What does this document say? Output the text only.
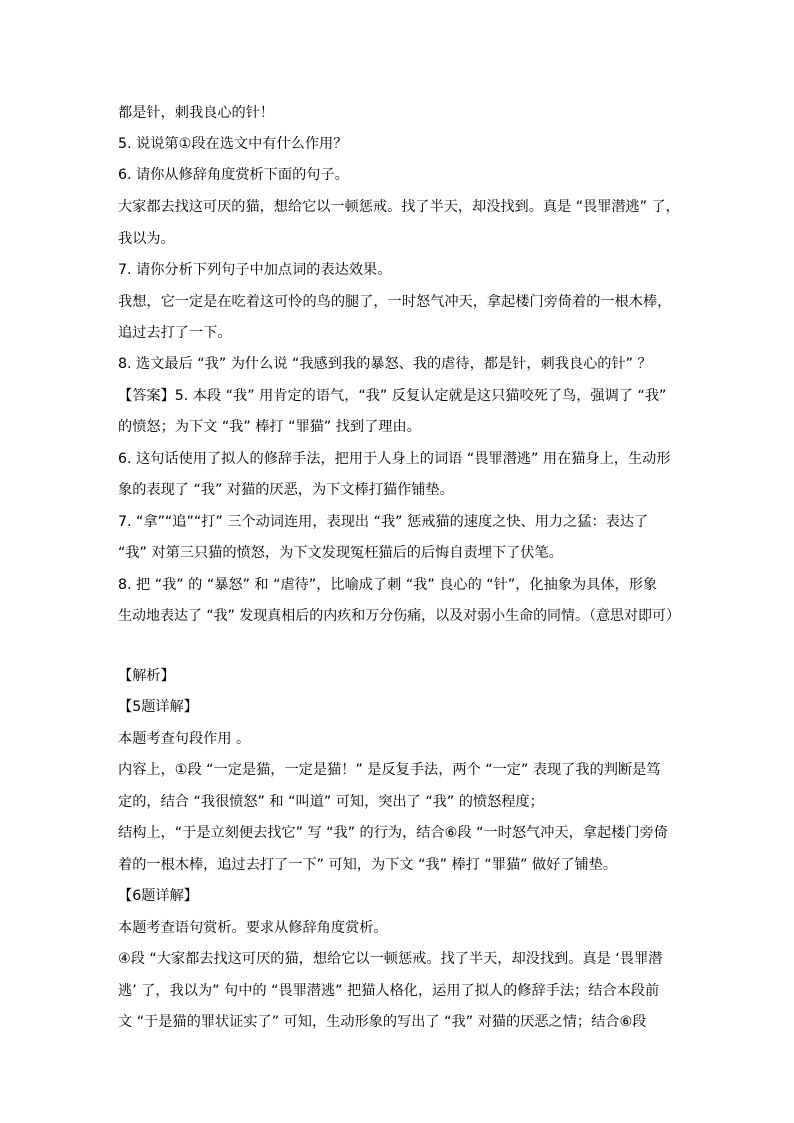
都是针，刺我良心的针！
5. 说说第①段在选文中有什么作用？
6. 请你从修辞角度赏析下面的句子。
大家都去找这可厌的猫，想给它以一顿惩戒。找了半天，却没找到。真是 “畏罪潜逃” 了，
我以为。
7. 请你分析下列句子中加点词的表达效果。
我想，它一定是在吃着这可怜的鸟的腿了，一时怒气冲天，拿起楼门旁倚着的一根木棒，
追过去打了一下。
8. 选文最后 “我” 为什么说 “我感到我的暴怒、我的虐待，都是针，刺我良心的针” ？
【答案】5. 本段 “我” 用肯定的语气，“我” 反复认定就是这只猫咬死了鸟，强调了 “我”
的愤怒；为下文 “我” 棒打 “罪猫” 找到了理由。
6. 这句话使用了拟人的修辞手法，把用于人身上的词语 “畏罪潜逃” 用在猫身上，生动形
象的表现了 “我” 对猫的厌恶，为下文棒打猫作铺垫。
7. “拿”“追”“打” 三个动词连用，表现出 “我” 惩戒猫的速度之快、用力之猛：表达了
“我” 对第三只猫的愤怒，为下文发现冤枉猫后的后悔自责埋下了伏笔。
8. 把 “我” 的 “暴怒” 和 “虐待”，比喻成了刺 “我” 良心的 “针”，化抽象为具体，形象
生动地表达了 “我” 发现真相后的内疚和万分伤痛，以及对弱小生命的同情。（意思对即可）
【解析】
【5题详解】
本题考查句段作用 。
内容上，①段 “一定是猫，一定是猫！” 是反复手法，两个 “一定” 表现了我的判断是笃
定的，结合 “我很愤怒” 和 “叫道” 可知，突出了 “我” 的愤怒程度；
结构上，“于是立刻便去找它” 写 “我” 的行为，结合⑥段 “一时怒气冲天，拿起楼门旁倚
着的一根木棒，追过去打了一下” 可知，为下文 “我” 棒打 “罪猫” 做好了铺垫。
【6题详解】
本题考查语句赏析。要求从修辞角度赏析。
④段 “大家都去找这可厌的猫，想给它以一顿惩戒。找了半天，却没找到。真是 ‘畏罪潜
逃’ 了，我以为” 句中的 “畏罪潜逃” 把猫人格化，运用了拟人的修辞手法；结合本段前
文 “于是猫的罪状证实了” 可知，生动形象的写出了 “我” 对猫的厌恶之情；结合⑥段
